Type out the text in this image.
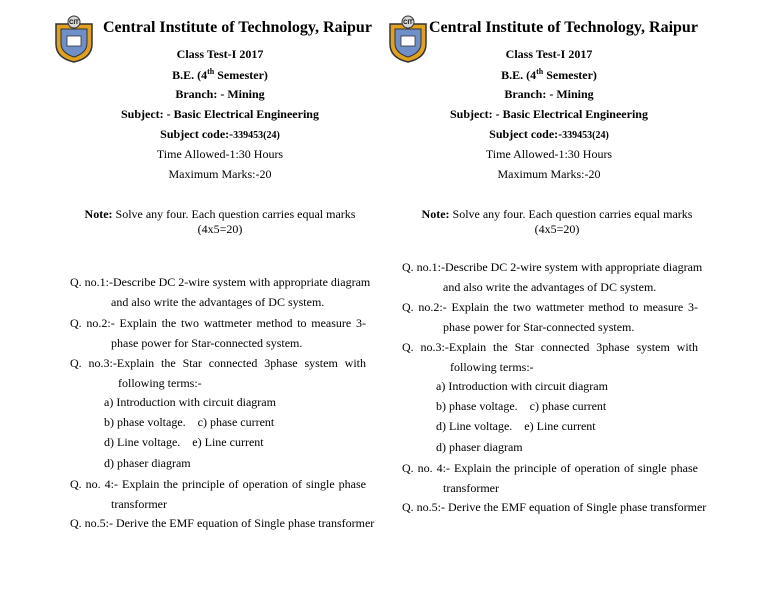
CIT Central Institute of Technology, Raipur
Class Test-I 2017
B.E. (4th Semester)
Branch: - Mining
Subject: - Basic Electrical Engineering
Subject code:-339453(24)
Time Allowed-1:30 Hours
Maximum Marks:-20
Note: Solve any four. Each question carries equal marks
(4x5=20)
Q. no.1:-Describe DC 2-wire system with appropriate diagram
and also write the advantages of DC system.
Q. no.2:- Explain the two wattmeter method to measure 3-
phase power for Star-connected system.
Q. no.3:-Explain the Star connected 3phase system with
following terms:-
a) Introduction with circuit diagram
b) phase voltage.    c) phase current
d) Line voltage.    e) Line current
d) phaser diagram
Q. no. 4:- Explain the principle of operation of single phase
transformer
Q. no.5:- Derive the EMF equation of Single phase transformer
CIT Central Institute of Technology, Raipur
Class Test-I 2017
B.E. (4th Semester)
Branch: - Mining
Subject: - Basic Electrical Engineering
Subject code:-339453(24)
Time Allowed-1:30 Hours
Maximum Marks:-20
Note: Solve any four. Each question carries equal marks
(4x5=20)
Q. no.1:-Describe DC 2-wire system with appropriate diagram
and also write the advantages of DC system.
Q. no.2:- Explain the two wattmeter method to measure 3-
phase power for Star-connected system.
Q. no.3:-Explain the Star connected 3phase system with
following terms:-
a) Introduction with circuit diagram
b) phase voltage.    c) phase current
d) Line voltage.    e) Line current
d) phaser diagram
Q. no. 4:- Explain the principle of operation of single phase
transformer
Q. no.5:- Derive the EMF equation of Single phase transformer
